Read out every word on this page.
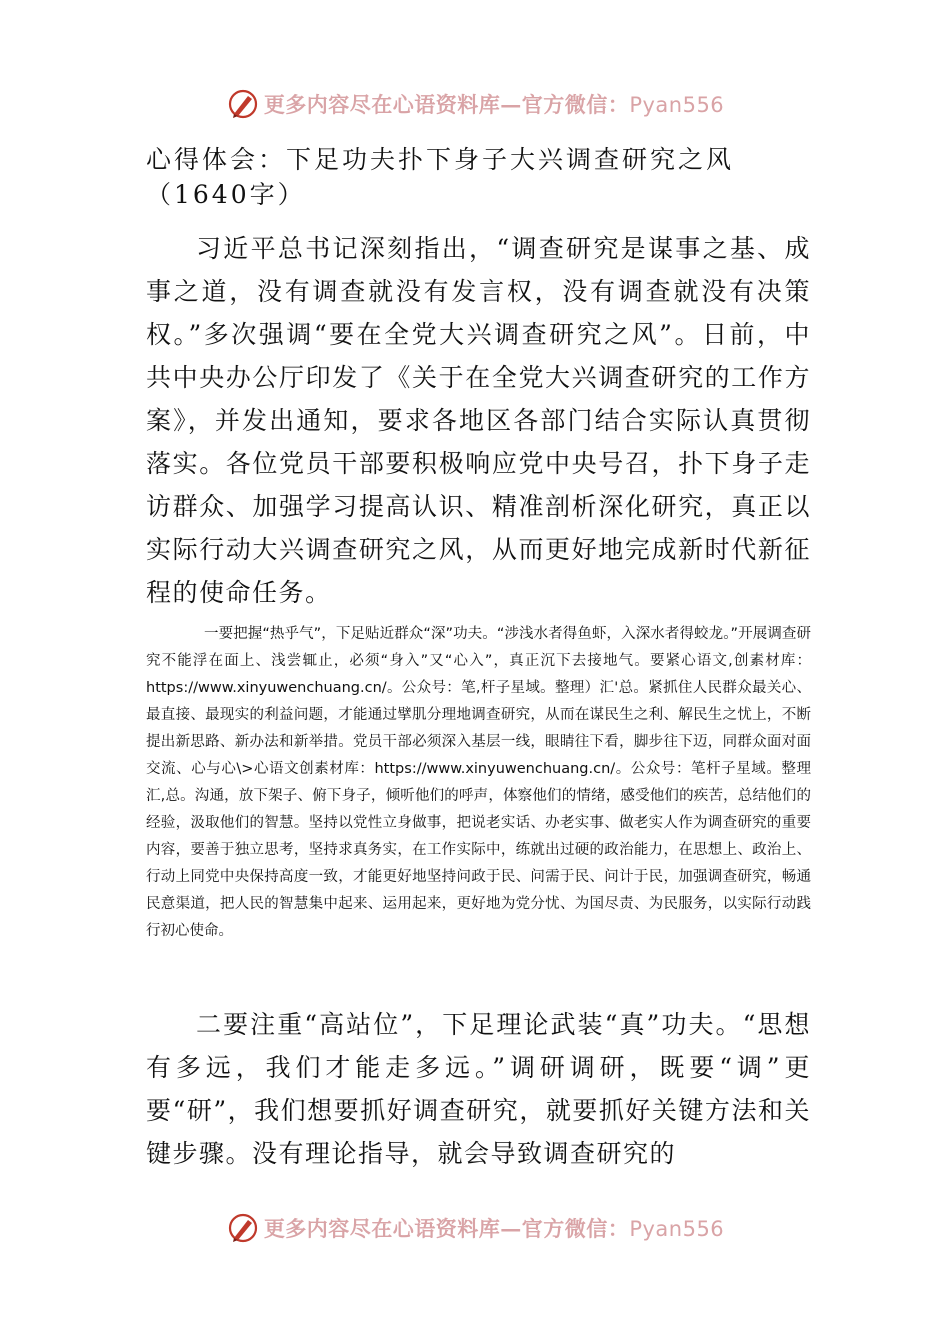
更多内容尽在心语资料库—官方微信：Pyan556
心得体会：下足功夫扑下身子大兴调查研究之风（1640字）
习近平总书记深刻指出，“调查研究是谋事之基、成事之道，没有调查就没有发言权，没有调查就没有决策权。”多次强调“要在全党大兴调查研究之风”。日前，中共中央办公厅印发了《关于在全党大兴调查研究的工作方案》，并发出通知，要求各地区各部门结合实际认真贯彻落实。各位党员干部要积极响应党中央号召，扑下身子走访群众、加强学习提高认识、精准剖析深化研究，真正以实际行动大兴调查研究之风，从而更好地完成新时代新征程的使命任务。
一要把握“热乎气”，下足贴近群众“深”功夫。“涉浅水者得鱼虾，入深水者得蛟龙。”开展调查研究不能浮在面上、浅尝辄止，必须“身入”又“心入”，真正沉下去接地气。要紧心语文,创素材库：https://www.xinyuwenchuang.cn/。公众号：笔,杆子星域。整理）汇'总。紧抓住人民群众最关心、最直接、最现实的利益问题，才能通过擘肌分理地调查研究，从而在谋民生之利、解民生之忧上，不断提出新思路、新办法和新举措。党员干部必须深入基层一线，眼睛往下看，脚步往下迈，同群众面对面交流、心与心\>心语文创素材库：https://www.xinyuwenchuang.cn/。公众号：笔杆子星域。整理汇,总。沟通，放下架子、俯下身子，倾听他们的呼声，体察他们的情绪，感受他们的疾苦，总结他们的经验，汲取他们的智慧。坚持以党性立身做事，把说老实话、办老实事、做老实人作为调查研究的重要内容，要善于独立思考，坚持求真务实，在工作实际中，练就出过硬的政治能力，在思想上、政治上、行动上同党中央保持高度一致，才能更好地坚持问政于民、问需于民、问计于民，加强调查研究，畅通民意渠道，把人民的智慧集中起来、运用起来，更好地为党分忧、为国尽责、为民服务，以实际行动践行初心使命。
二要注重“高站位”，下足理论武装“真”功夫。“思想有多远，我们才能走多远。”调研调研，既要“调”更要“研”，我们想要抓好调查研究，就要抓好关键方法和关键步骤。没有理论指导，就会导致调查研究的
更多内容尽在心语资料库—官方微信：Pyan556
